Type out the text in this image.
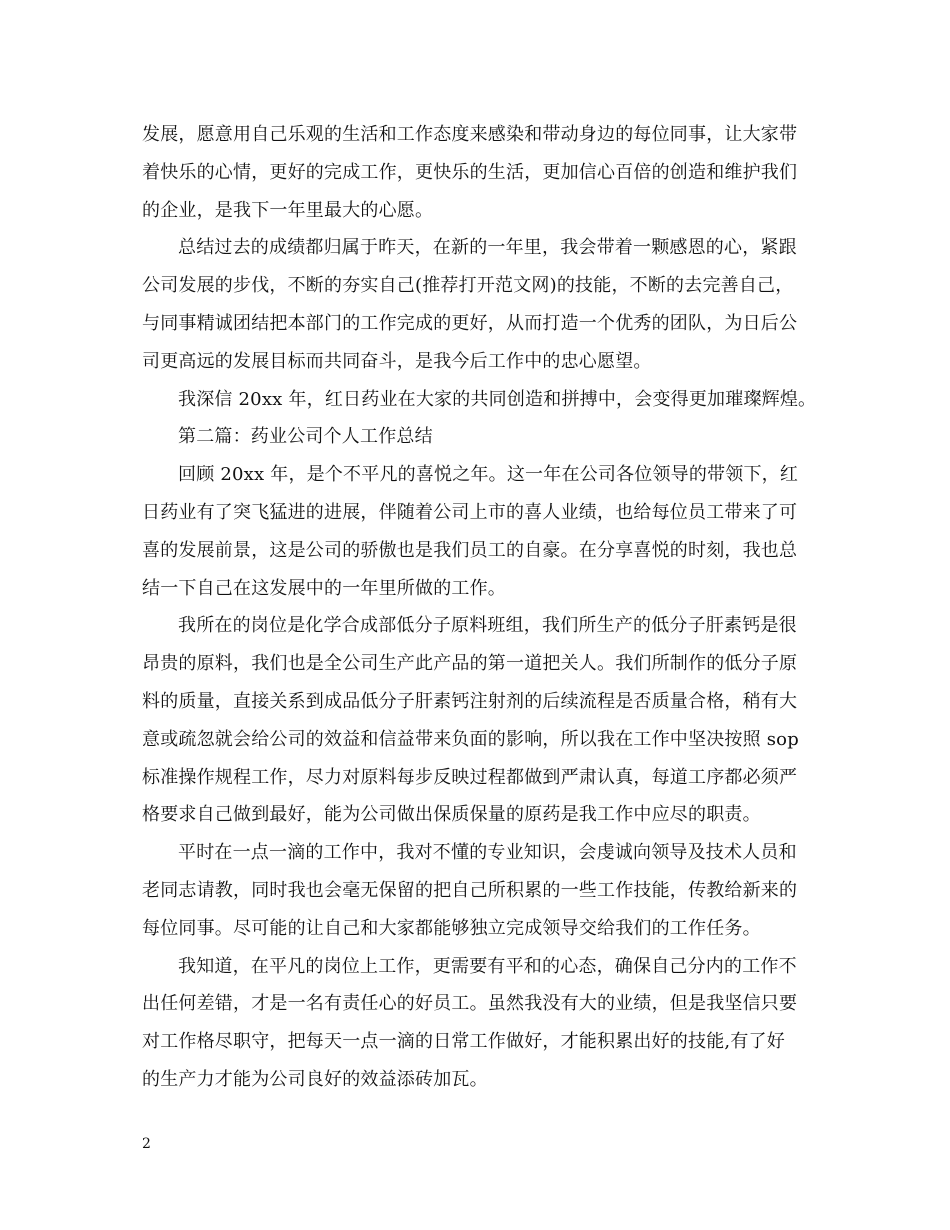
发展，愿意用自己乐观的生活和工作态度来感染和带动身边的每位同事，让大家带
着快乐的心情，更好的完成工作，更快乐的生活，更加信心百倍的创造和维护我们
的企业，是我下一年里最大的心愿。
总结过去的成绩都归属于昨天，在新的一年里，我会带着一颗感恩的心，紧跟
公司发展的步伐，不断的夯实自己(推荐打开范文网)的技能，不断的去完善自己，
与同事精诚团结把本部门的工作完成的更好，从而打造一个优秀的团队，为日后公
司更高远的发展目标而共同奋斗，是我今后工作中的忠心愿望。
我深信 20xx 年，红日药业在大家的共同创造和拼搏中，会变得更加璀璨辉煌。
第二篇：药业公司个人工作总结
回顾 20xx 年，是个不平凡的喜悦之年。这一年在公司各位领导的带领下，红
日药业有了突飞猛进的进展，伴随着公司上市的喜人业绩，也给每位员工带来了可
喜的发展前景，这是公司的骄傲也是我们员工的自豪。在分享喜悦的时刻，我也总
结一下自己在这发展中的一年里所做的工作。
我所在的岗位是化学合成部低分子原料班组，我们所生产的低分子肝素钙是很
昂贵的原料，我们也是全公司生产此产品的第一道把关人。我们所制作的低分子原
料的质量，直接关系到成品低分子肝素钙注射剂的后续流程是否质量合格，稍有大
意或疏忽就会给公司的效益和信益带来负面的影响，所以我在工作中坚决按照 sop
标准操作规程工作，尽力对原料每步反映过程都做到严肃认真，每道工序都必须严
格要求自己做到最好，能为公司做出保质保量的原药是我工作中应尽的职责。
平时在一点一滴的工作中，我对不懂的专业知识，会虔诚向领导及技术人员和
老同志请教，同时我也会毫无保留的把自己所积累的一些工作技能，传教给新来的
每位同事。尽可能的让自己和大家都能够独立完成领导交给我们的工作任务。
我知道，在平凡的岗位上工作，更需要有平和的心态，确保自己分内的工作不
出任何差错，才是一名有责任心的好员工。虽然我没有大的业绩，但是我坚信只要
对工作格尽职守，把每天一点一滴的日常工作做好，才能积累出好的技能,有了好
的生产力才能为公司良好的效益添砖加瓦。
2
